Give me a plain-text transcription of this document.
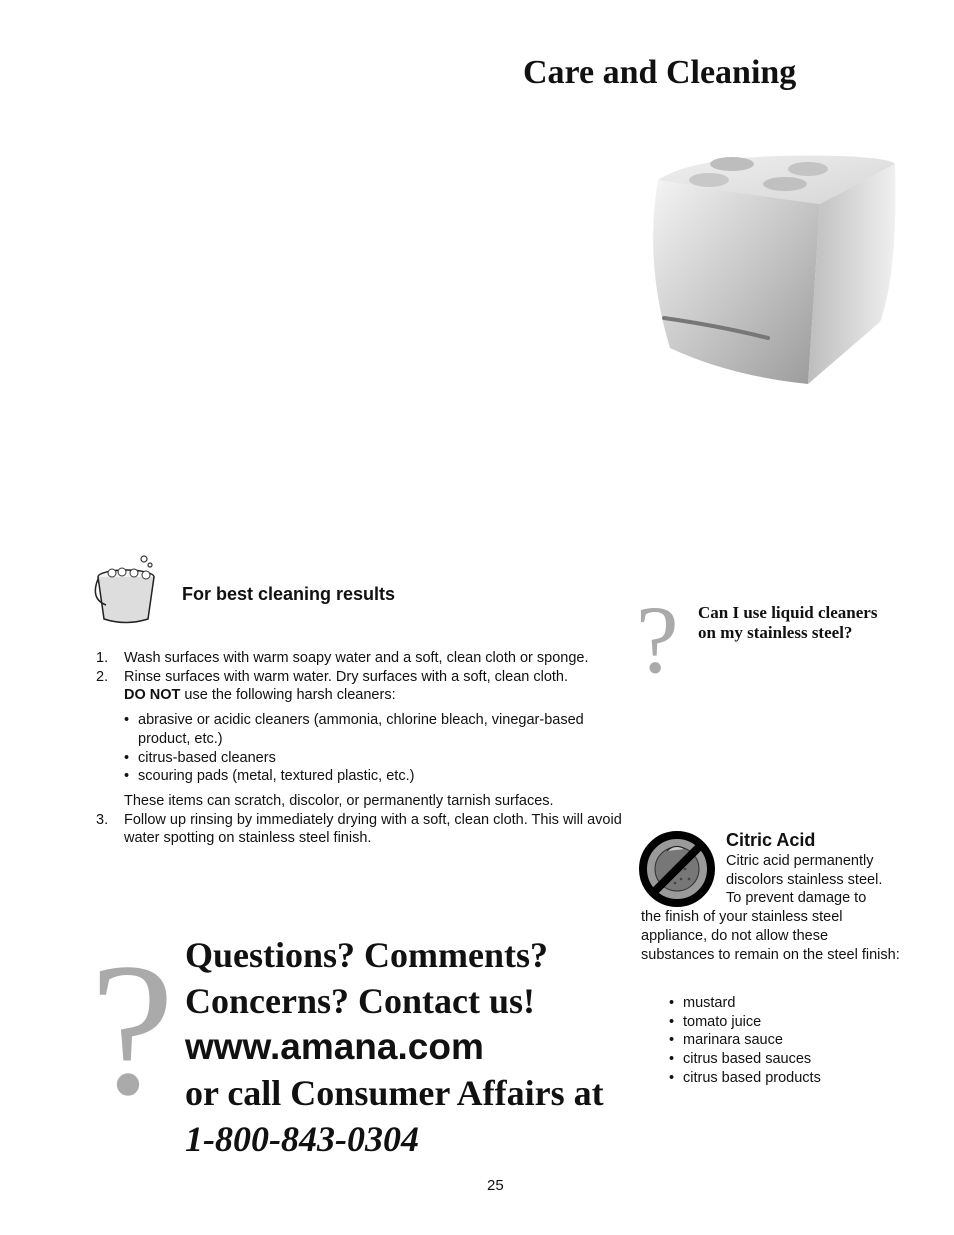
Care and Cleaning
For best cleaning results
1. Wash surfaces with warm soapy water and a soft, clean cloth or sponge.
2. Rinse surfaces with warm water. Dry surfaces with a soft, clean cloth.
DO NOT use the following harsh cleaners:
• abrasive or acidic cleaners (ammonia, chlorine bleach, vinegar-based product, etc.)
• citrus-based cleaners
• scouring pads (metal, textured plastic, etc.)
These items can scratch, discolor, or permanently tarnish surfaces.
3. Follow up rinsing by immediately drying with a soft, clean cloth. This will avoid water spotting on stainless steel finish.
? Can I use liquid cleaners on my stainless steel?
Citric Acid
Citric acid permanently
discolors stainless steel.
To prevent damage to
the finish of your stainless steel appliance, do not allow these substances to remain on the steel finish:
• mustard
• tomato juice
• marinara sauce
• citrus based sauces
• citrus based products
? Questions? Comments?
Concerns? Contact us!
www.amana.com
or call Consumer Affairs at
1-800-843-0304
25
